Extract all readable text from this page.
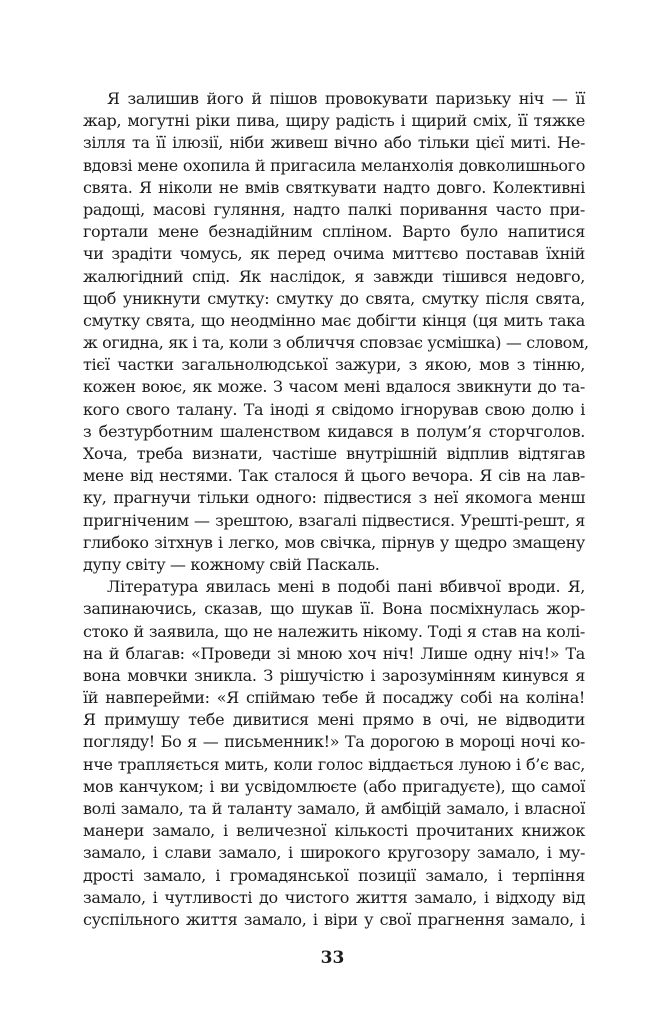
Я залишив його й пішов провокувати паризьку ніч — її
жар, могутні ріки пива, щиру радість і щирий сміх, її тяжке
зілля та її ілюзії, ніби живеш вічно або тільки цієї миті. Не-
вдовзі мене охопила й пригасила меланхолія довколишнього
свята. Я ніколи не вмів святкувати надто довго. Колективні
радощі, масові гуляння, надто палкі поривання часто при-
гортали мене безнадійним спліном. Варто було напитися
чи зрадіти чомусь, як перед очима миттєво поставав їхній
жалюгідний спід. Як наслідок, я завжди тішився недовго,
щоб уникнути смутку: смутку до свята, смутку після свята,
смутку свята, що неодмінно має добігти кінця (ця мить така
ж огидна, як і та, коли з обличчя сповзає усмішка) — словом,
тієї частки загальнолюдської зажури, з якою, мов з тінню,
кожен воює, як може. З часом мені вдалося звикнути до та-
кого свого талану. Та іноді я свідомо ігнорував свою долю і
з безтурботним шаленством кидався в полум’я сторчголов.
Хоча, треба визнати, частіше внутрішній відплив відтягав
мене від нестями. Так сталося й цього вечора. Я сів на лав-
ку, прагнучи тільки одного: підвестися з неї якомога менш
пригніченим — зрештою, взагалі підвестися. Урешті-решт, я
глибоко зітхнув і легко, мов свічка, пірнув у щедро змащену
дупу світу — кожному свій Паскаль.
Література явилась мені в подобі пані вбивчої вроди. Я,
запинаючись, сказав, що шукав її. Вона посміхнулась жор-
стоко й заявила, що не належить нікому. Тоді я став на колі-
на й благав: «Проведи зі мною хоч ніч! Лише одну ніч!» Та
вона мовчки зникла. З рішучістю і зарозумінням кинувся я
їй навперейми: «Я спіймаю тебе й посаджу собі на коліна!
Я примушу тебе дивитися мені прямо в очі, не відводити
погляду! Бо я — письменник!» Та дорогою в мороці ночі ко-
нче трапляється мить, коли голос віддається луною і б’є вас,
мов канчуком; і ви усвідомлюєте (або пригадуєте), що самої
волі замало, та й таланту замало, й амбіцій замало, і власної
манери замало, і величезної кількості прочитаних книжок
замало, і слави замало, і широкого кругозору замало, і му-
дрості замало, і громадянської позиції замало, і терпіння
замало, і чутливості до чистого життя замало, і відходу від
суспільного життя замало, і віри у свої прагнення замало, і
33
